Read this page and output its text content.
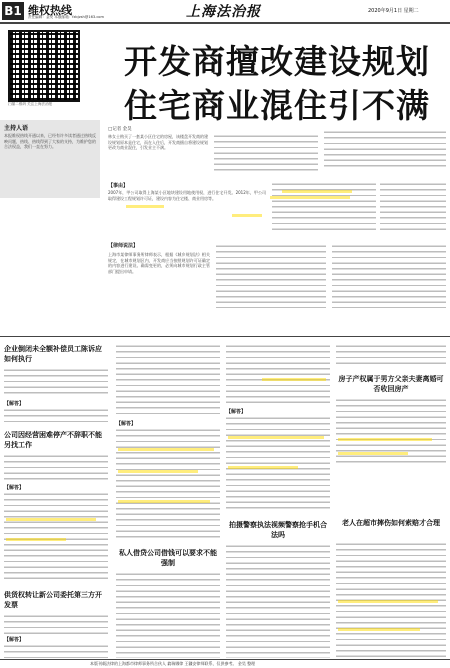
B1 维权热线
责任编辑：金昊 本版邮箱：fzbjzsh@163.com	上海法治报	2020年9月1日 星期二
扫描二维码 关注上海法治报
主持人语
本报维权热线开通以来，已经有许多读者通过热线反映问题，热线、热线得到了大家的支持，为维护您的合法权益，我们一直在努力。
开发商擅改建设规划
住宅商业混住引不满
□记者 金昊
林女士购买了一套某小区住宅的房屋，该楼盘开发商的建设规划原本是住宅，而在入住后，开发商擅自将建设规划更改为商业混住，引发业主不满。
【事由】
2007年，甲公司取得上海某小区地块建设用地使用权，进行住宅开发。2012年，甲公司取得建设工程规划许可证，建设内容为住宅楼、商业用房等。
【律师说法】
上海市某律师事务所律师表示，根据《城乡规划法》相关规定，在城市规划区内，开发商应当按照规划许可证确定的内容进行建设。确需变更的，必须向城市规划行政主管部门提出申请。
企业倒闭未全额补偿员工陈诉应如何执行
【解答】
公司因经营困难停产不辞职不能另找工作
【解答】
供货权转让新公司委托第三方开发票
【解答】
【解答】
私人借贷公司借钱可以要求不能强制
【解答】
拍摄警察执法视频警察抢手机合法吗
房子产权属于男方父亲夫妻离婚可否收回房产
老人在超市摔伤如何索赔才合理
本版刊载法律的上海都市律师事务所合伙人 翁瑞娜律 王疆安律师联系、仅供参考。 金昊 整理
